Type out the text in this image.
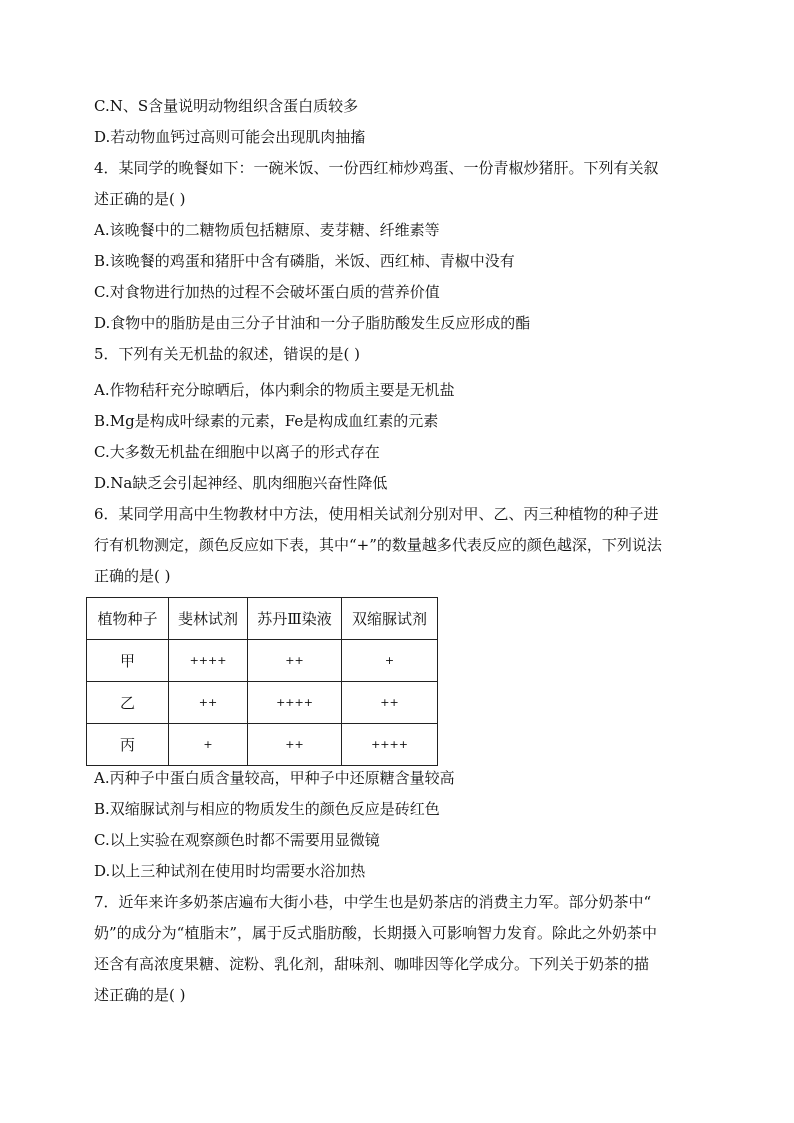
C.N、S含量说明动物组织含蛋白质较多
D.若动物血钙过高则可能会出现肌肉抽搐
4．某同学的晚餐如下：一碗米饭、一份西红柿炒鸡蛋、一份青椒炒猪肝。下列有关叙
述正确的是( )
A.该晚餐中的二糖物质包括糖原、麦芽糖、纤维素等
B.该晚餐的鸡蛋和猪肝中含有磷脂，米饭、西红柿、青椒中没有
C.对食物进行加热的过程不会破坏蛋白质的营养价值
D.食物中的脂肪是由三分子甘油和一分子脂肪酸发生反应形成的酯
5．下列有关无机盐的叙述，错误的是( )
A.作物秸秆充分晾晒后，体内剩余的物质主要是无机盐
B.Mg是构成叶绿素的元素，Fe是构成血红素的元素
C.大多数无机盐在细胞中以离子的形式存在
D.Na缺乏会引起神经、肌肉细胞兴奋性降低
6．某同学用高中生物教材中方法，使用相关试剂分别对甲、乙、丙三种植物的种子进
行有机物测定，颜色反应如下表，其中“+”的数量越多代表反应的颜色越深，下列说法
正确的是( )
植物种子	斐林试剂	苏丹Ⅲ染液	双缩脲试剂
甲	++++	++	+
乙	++	++++	++
丙	+	++	++++
A.丙种子中蛋白质含量较高，甲种子中还原糖含量较高
B.双缩脲试剂与相应的物质发生的颜色反应是砖红色
C.以上实验在观察颜色时都不需要用显微镜
D.以上三种试剂在使用时均需要水浴加热
7．近年来许多奶茶店遍布大街小巷，中学生也是奶茶店的消费主力军。部分奶茶中“
奶”的成分为“植脂末”，属于反式脂肪酸，长期摄入可影响智力发育。除此之外奶茶中
还含有高浓度果糖、淀粉、乳化剂，甜味剂、咖啡因等化学成分。下列关于奶茶的描
述正确的是( )
